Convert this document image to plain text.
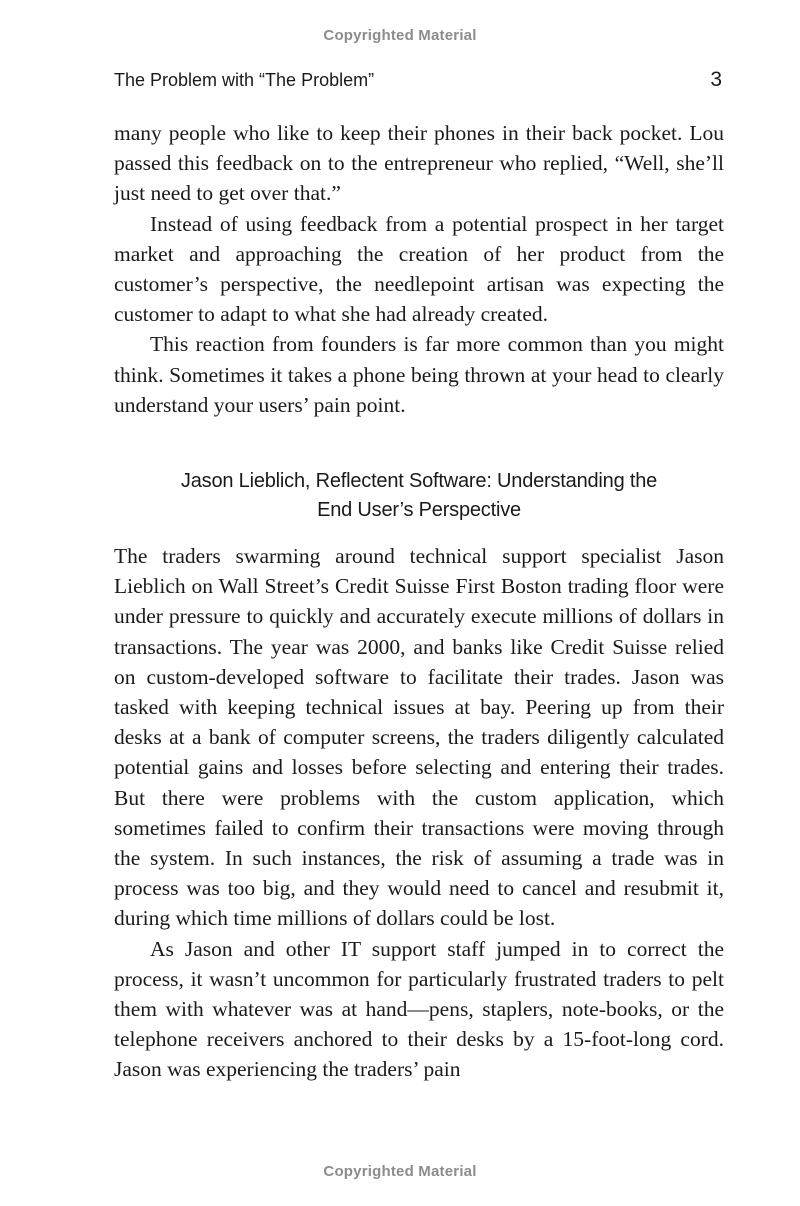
Copyrighted Material
The Problem with “The Problem”	3

many people who like to keep their phones in their back pocket. Lou passed this feedback on to the entrepreneur who replied, “Well, she’ll just need to get over that.”

Instead of using feedback from a potential prospect in her target market and approaching the creation of her product from the customer’s perspective, the needlepoint artisan was expecting the customer to adapt to what she had already created.

This reaction from founders is far more common than you might think. Sometimes it takes a phone being thrown at your head to clearly understand your users’ pain point.

Jason Lieblich, Reflectent Software: Understanding the
End User’s Perspective

The traders swarming around technical support specialist Jason Lieblich on Wall Street’s Credit Suisse First Boston trading floor were under pressure to quickly and accurately execute millions of dollars in transactions. The year was 2000, and banks like Credit Suisse relied on custom-developed software to facilitate their trades. Jason was tasked with keeping technical issues at bay. Peering up from their desks at a bank of computer screens, the traders diligently calculated potential gains and losses before selecting and entering their trades. But there were problems with the custom application, which sometimes failed to confirm their transactions were moving through the system. In such instances, the risk of assuming a trade was in process was too big, and they would need to cancel and resubmit it, during which time millions of dollars could be lost.

As Jason and other IT support staff jumped in to correct the process, it wasn’t uncommon for particularly frustrated traders to pelt them with whatever was at hand—pens, staplers, note-books, or the telephone receivers anchored to their desks by a 15-foot-long cord. Jason was experiencing the traders’ pain

Copyrighted Material
